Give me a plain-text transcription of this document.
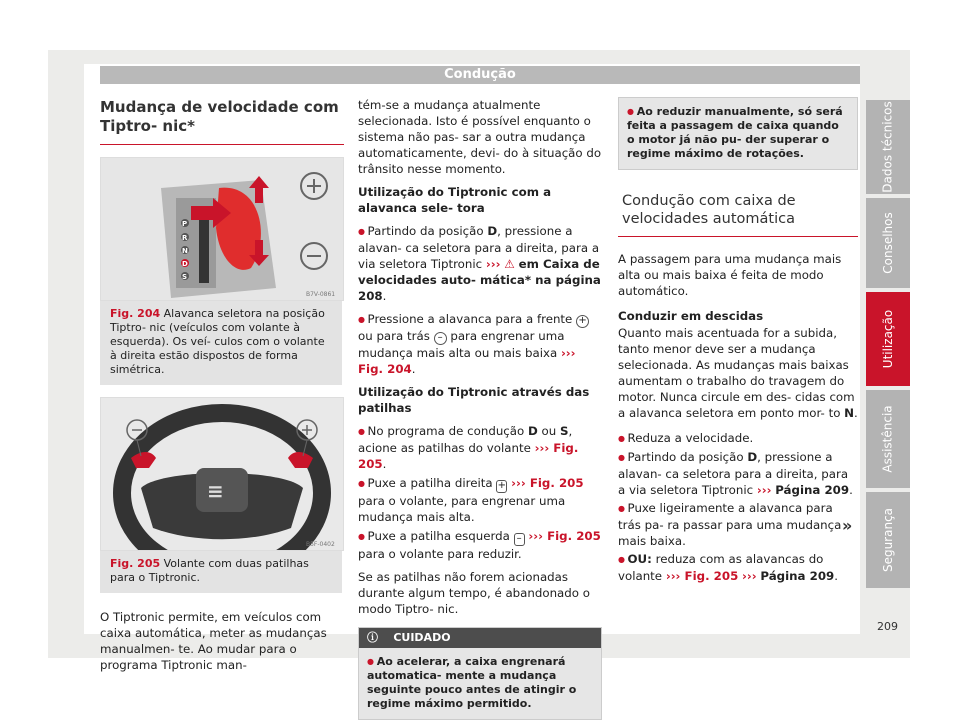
Condução
Dados técnicos
Conselhos
Utilização
Assistência
Segurança
Mudança de velocidade com Tiptro- nic*
P
R
N
D
S
B7V-0861
Fig. 204 Alavanca seletora na posição Tiptro- nic (veículos com volante à esquerda). Os veí- culos com o volante à direita estão dispostos de forma simétrica.
≡
B5F-0402
Fig. 205 Volante com duas patilhas para o Tiptronic.

O Tiptronic permite, em veículos com caixa automática, meter as mudanças manualmen- te. Ao mudar para o programa Tiptronic man-

tém-se a mudança atualmente selecionada. Isto é possível enquanto o sistema não pas- sar a outra mudança automaticamente, devi- do à situação do trânsito nesse momento.

Utilização do Tiptronic com a alavanca sele- tora

● Partindo da posição D, pressione a alavan- ca seletora para a direita, para a via seletora Tiptronic ››› ⚠ em Caixa de velocidades auto- mática* na página 208.

● Pressione a alavanca para a frente + ou para trás – para engrenar uma mudança mais alta ou mais baixa ››› Fig. 204.

Utilização do Tiptronic através das patilhas

● No programa de condução D ou S, acione as patilhas do volante ››› Fig. 205.

● Puxe a patilha direita + ››› Fig. 205 para o volante, para engrenar uma mudança mais alta.

● Puxe a patilha esquerda – ››› Fig. 205 para o volante para reduzir.

Se as patilhas não forem acionadas durante algum tempo, é abandonado o modo Tiptro- nic.

ⓘ CUIDADO
● Ao acelerar, a caixa engrenará automatica- mente a mudança seguinte pouco antes de atingir o regime máximo permitido.
● Ao reduzir manualmente, só será feita a passagem de caixa quando o motor já não pu- der superar o regime máximo de rotações.
Condução com caixa de velocidades automática

A passagem para uma mudança mais alta ou mais baixa é feita de modo automático.

Conduzir em descidas

Quanto mais acentuada for a subida, tanto menor deve ser a mudança selecionada. As mudanças mais baixas aumentam o trabalho do travagem do motor. Nunca circule em des- cidas com a alavanca seletora em ponto mor- to N.

● Reduza a velocidade.

● Partindo da posição D, pressione a alavan- ca seletora para a direita, para a via seletora Tiptronic ››› Página 209.

● Puxe ligeiramente a alavanca para trás pa- ra passar para uma mudança mais baixa.

● OU: reduza com as alavancas do volante ››› Fig. 205 ››› Página 209.

»
209
